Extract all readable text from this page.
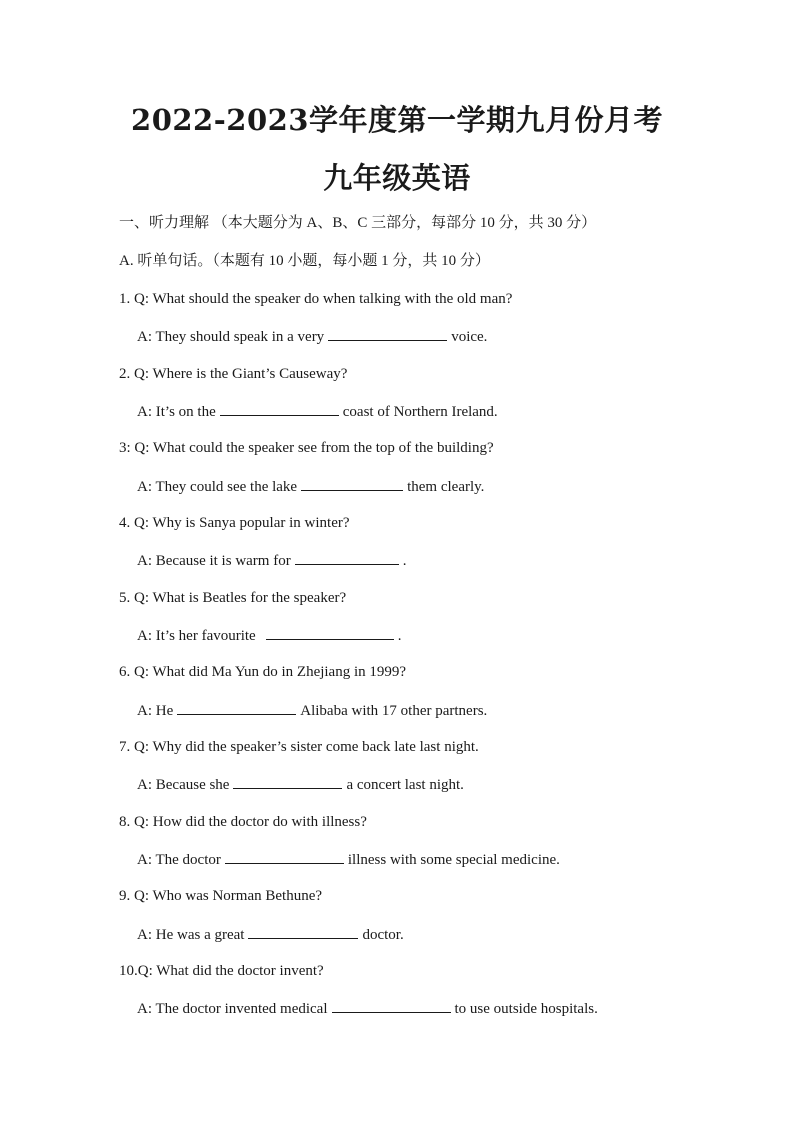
2022-2023学年度第一学期九月份月考
九年级英语
一、听力理解 （本大题分为 A、B、C 三部分，每部分 10 分，共 30 分）
A. 听单句话。（本题有 10 小题，每小题 1 分，共 10 分）
1. Q: What should the speaker do when talking with the old man?
A: They should speak in a very	voice.
2. Q: Where is the Giant’s Causeway?
A: It’s on the	coast of Northern Ireland.
3: Q: What could the speaker see from the top of the building?
A: They could see the lake	them clearly.
4. Q: Why is Sanya popular in winter?
A: Because it is warm for	.
5. Q: What is Beatles for the speaker?
A: It’s her favourite	.
6. Q: What did Ma Yun do in Zhejiang in 1999?
A: He	Alibaba with 17 other partners.
7. Q: Why did the speaker’s sister come back late last night.
A: Because she	a concert last night.
8. Q: How did the doctor do with illness?
A: The doctor	illness with some special medicine.
9. Q: Who was Norman Bethune?
A: He was a great	doctor.
10.Q: What did the doctor invent?
A: The doctor invented medical	to use outside hospitals.
